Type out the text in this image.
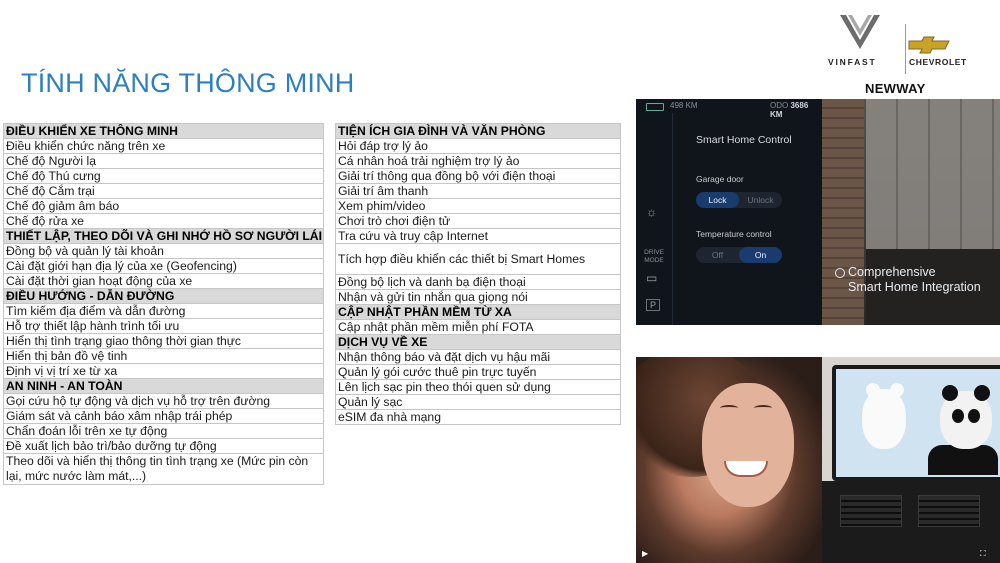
TÍNH NĂNG THÔNG MINH
ĐIỀU KHIỂN XE THÔNG MINH
Điều khiển chức năng trên xe
Chế độ Người lạ
Chế độ Thú cưng
Chế độ Cắm trại
Chế độ giảm âm báo
Chế độ rửa xe
THIẾT LẬP, THEO DÕI VÀ GHI NHỚ HỒ SƠ NGƯỜI LÁI
Đồng bộ và quản lý tài khoản
Cài đặt giới hạn địa lý của xe (Geofencing)
Cài đặt thời gian hoạt động của xe
ĐIỀU HƯỚNG - DẪN ĐƯỜNG
Tìm kiếm địa điểm và dẫn đường
Hỗ trợ thiết lập hành trình tối ưu
Hiển thị tình trạng giao thông thời gian thực
Hiển thị bản đồ vệ tinh
Định vị vị trí xe từ xa
AN NINH - AN TOÀN
Gọi cứu hộ tự động và dịch vụ hỗ trợ trên đường
Giám sát và cảnh báo xâm nhập trái phép
Chẩn đoán lỗi trên xe tự động
Đề xuất lịch bảo trì/bảo dưỡng tự động
Theo dõi và hiển thị thông tin tình trạng xe (Mức pin còn lại, mức nước làm mát,...)
TIỆN ÍCH GIA ĐÌNH VÀ VĂN PHÒNG
Hỏi đáp trợ lý ảo
Cá nhân hoá trải nghiệm trợ lý ảo
Giải trí thông qua đồng bộ với điện thoại
Giải trí âm thanh
Xem phim/video
Chơi trò chơi điện tử
Tra cứu và truy cập Internet
Tích hợp điều khiển các thiết bị Smart Homes
Đồng bộ lịch và danh bạ điện thoại
Nhận và gửi tin nhắn qua giọng nói
CẬP NHẬT PHẦN MỀM TỪ XA
Cập nhật phần mềm miễn phí FOTA
DỊCH VỤ VỀ XE
Nhận thông báo và đặt dịch vụ hậu mãi
Quản lý gói cước thuê pin trực tuyến
Lên lịch sạc pin theo thói quen sử dụng
Quản lý sạc
eSIM đa nhà mạng
VINFAST	CHEVROLET
NEWWAY
498 KM	ODO 3686 KM
☼
DRIVE MODE
▭
P
Smart Home Control
Garage door
Lock	Unlock
Temperature control
Off	On
Comprehensive
Smart Home Integration
▶	⛶
